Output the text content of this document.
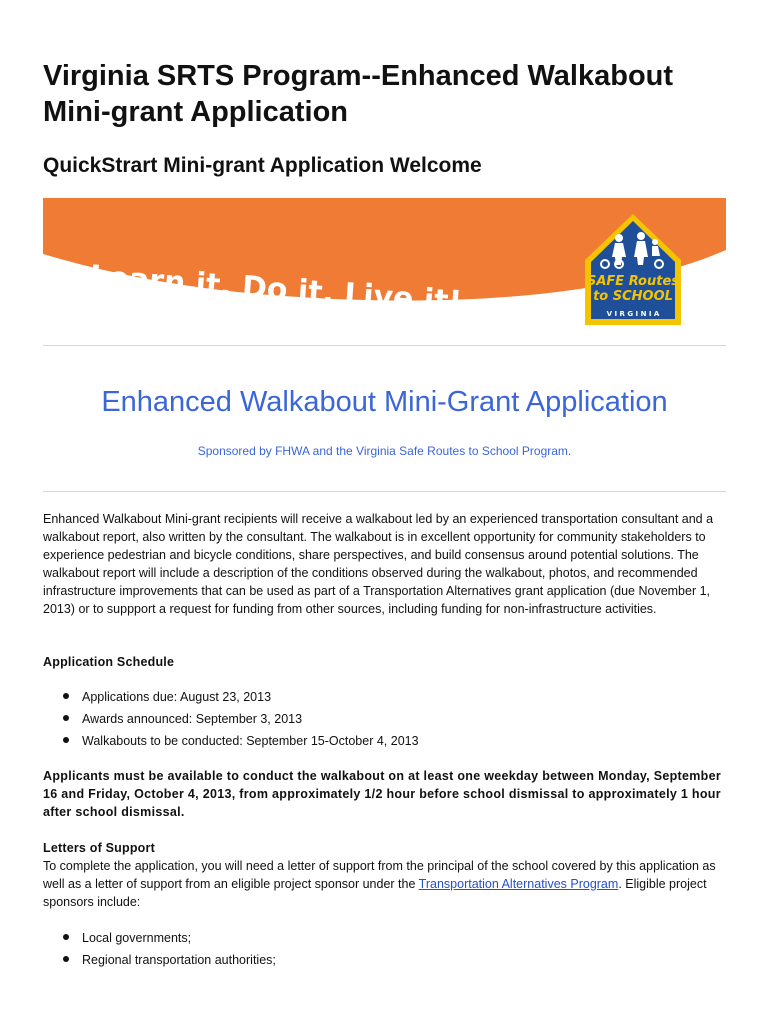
Virginia SRTS Program--Enhanced Walkabout Mini-grant Application
QuickStrart Mini-grant Application Welcome
Learn it. Do it. Live it!	SAFE Routes
to SCHOOL
V I R G I N I A
Enhanced Walkabout Mini-Grant Application
Sponsored by FHWA and the Virginia Safe Routes to School Program.

Enhanced Walkabout Mini-grant recipients will receive a walkabout led by an experienced transportation consultant and a walkabout report, also written by the consultant. The walkabout is in excellent opportunity for community stakeholders to experience pedestrian and bicycle conditions, share perspectives, and build consensus around potential solutions. The walkabout report will include a description of the conditions observed during the walkabout, photos, and recommended infrastructure improvements that can be used as part of a Transportation Alternatives grant application (due November 1, 2013) or to suppport a request for funding from other sources, including funding for non-infrastructure activities.

Application Schedule

Applications due: August 23, 2013
Awards announced: September 3, 2013
Walkabouts to be conducted: September 15-October 4, 2013

Applicants must be available to conduct the walkabout on at least one weekday between Monday, September 16 and Friday, October 4, 2013, from approximately 1/2 hour before school dismissal to approximately 1 hour after school dismissal.

Letters of Support

To complete the application, you will need a letter of support from the principal of the school covered by this application as well as a letter of support from an eligible project sponsor under the Transportation Alternatives Program. Eligible project sponsors include:

Local governments;
Regional transportation authorities;
